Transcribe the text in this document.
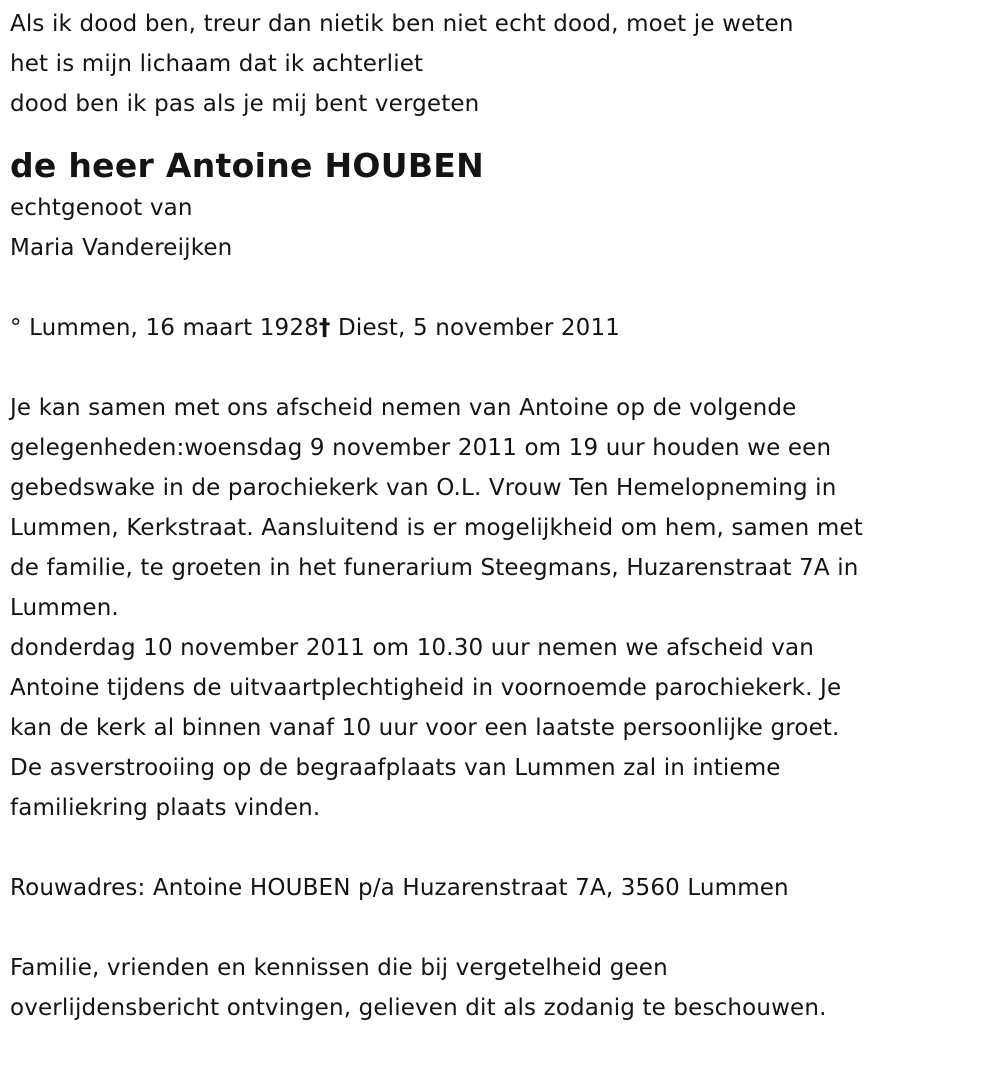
Als ik dood ben, treur dan nietik ben niet echt dood, moet je weten
het is mijn lichaam dat ik achterliet
dood ben ik pas als je mij bent vergeten
de heer Antoine HOUBEN
echtgenoot van
Maria Vandereijken
° Lummen, 16 maart 1928† Diest, 5 november 2011
Je kan samen met ons afscheid nemen van Antoine op de volgende
gelegenheden:woensdag 9 november 2011 om 19 uur houden we een
gebedswake in de parochiekerk van O.L. Vrouw Ten Hemelopneming in
Lummen, Kerkstraat. Aansluitend is er mogelijkheid om hem, samen met
de familie, te groeten in het funerarium Steegmans, Huzarenstraat 7A in
Lummen.
donderdag 10 november 2011 om 10.30 uur nemen we afscheid van
Antoine tijdens de uitvaartplechtigheid in voornoemde parochiekerk. Je
kan de kerk al binnen vanaf 10 uur voor een laatste persoonlijke groet.
De asverstrooiing op de begraafplaats van Lummen zal in intieme
familiekring plaats vinden.
Rouwadres: Antoine HOUBEN p/a Huzarenstraat 7A, 3560 Lummen
Familie, vrienden en kennissen die bij vergetelheid geen
overlijdensbericht ontvingen, gelieven dit als zodanig te beschouwen.
